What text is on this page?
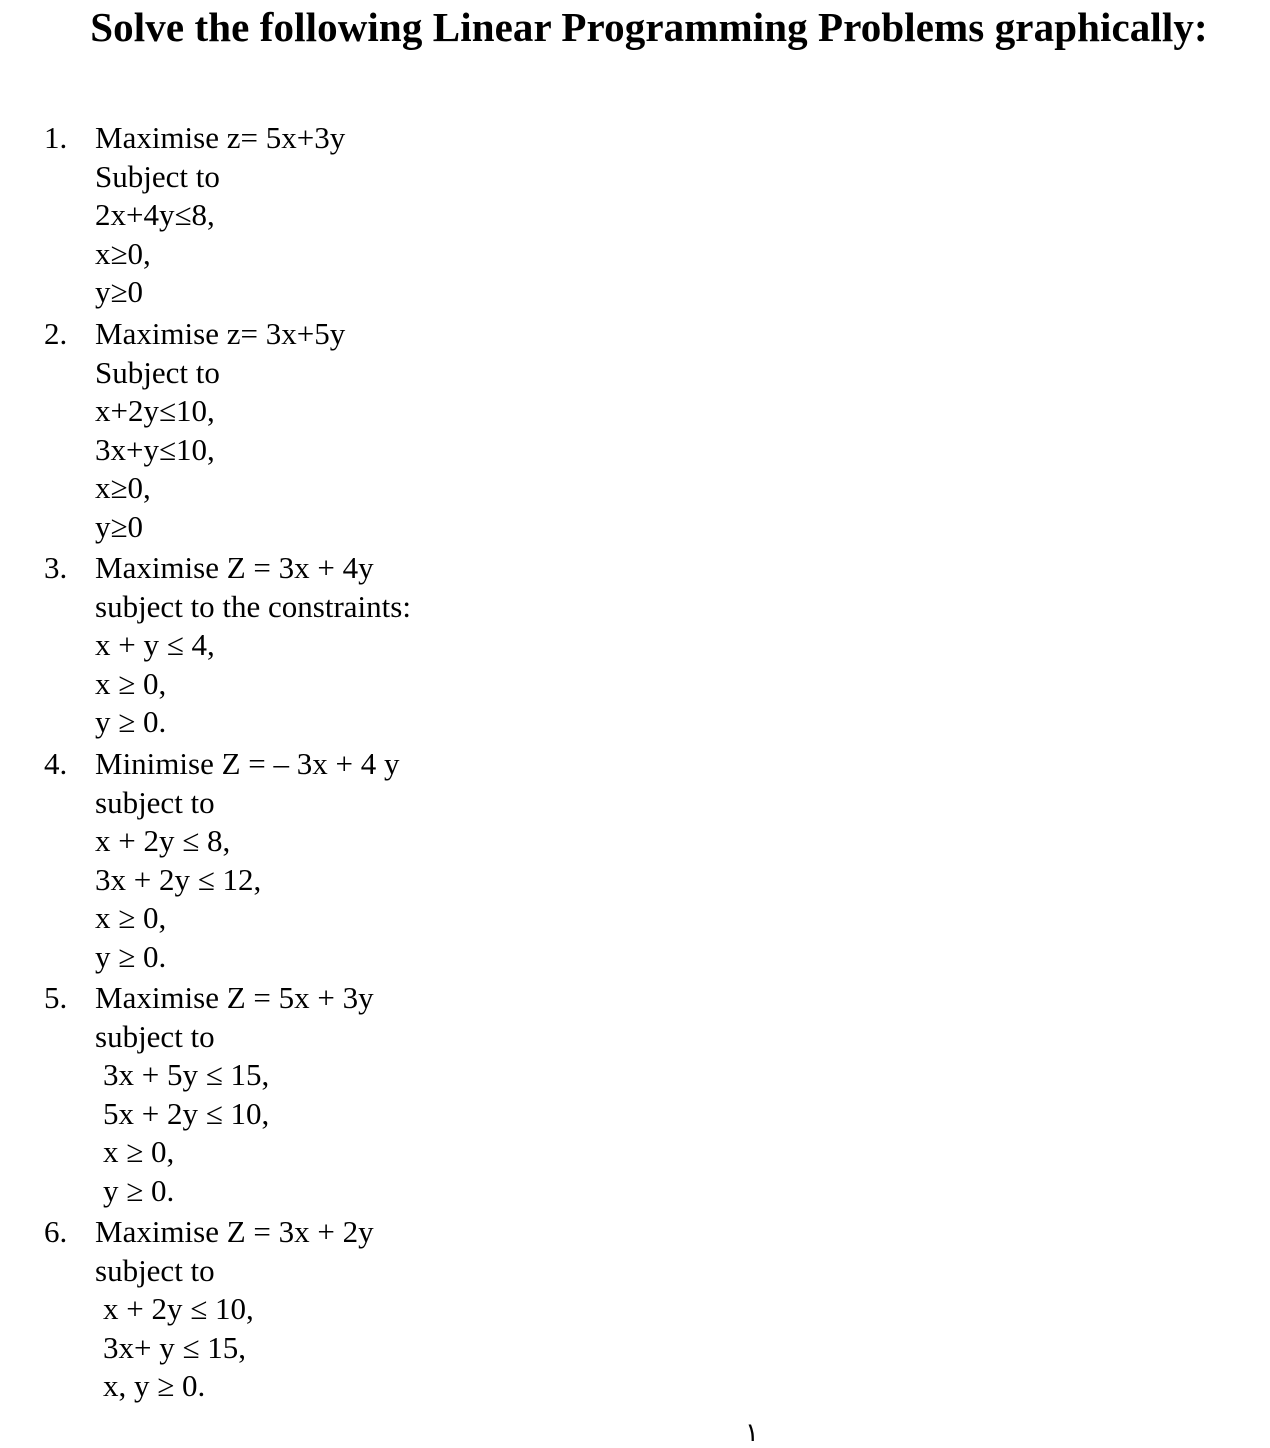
Solve the following Linear Programming Problems graphically:
1. Maximise z= 5x+3y
Subject to
2x+4y≤8,
x≥0,
y≥0
2. Maximise z= 3x+5y
Subject to
x+2y≤10,
3x+y≤10,
x≥0,
y≥0
3. Maximise Z = 3x + 4y
subject to the constraints:
x + y ≤ 4,
x ≥ 0,
y ≥ 0.
4. Minimise Z = – 3x + 4 y
subject to
x + 2y ≤ 8,
3x + 2y ≤ 12,
x ≥ 0,
y ≥ 0.
5. Maximise Z = 5x + 3y
subject to
3x + 5y ≤ 15,
5x + 2y ≤ 10,
x ≥ 0,
y ≥ 0.
6. Maximise Z = 3x + 2y
subject to
x + 2y ≤ 10,
3x+ y ≤ 15,
x, y ≥ 0.
١
